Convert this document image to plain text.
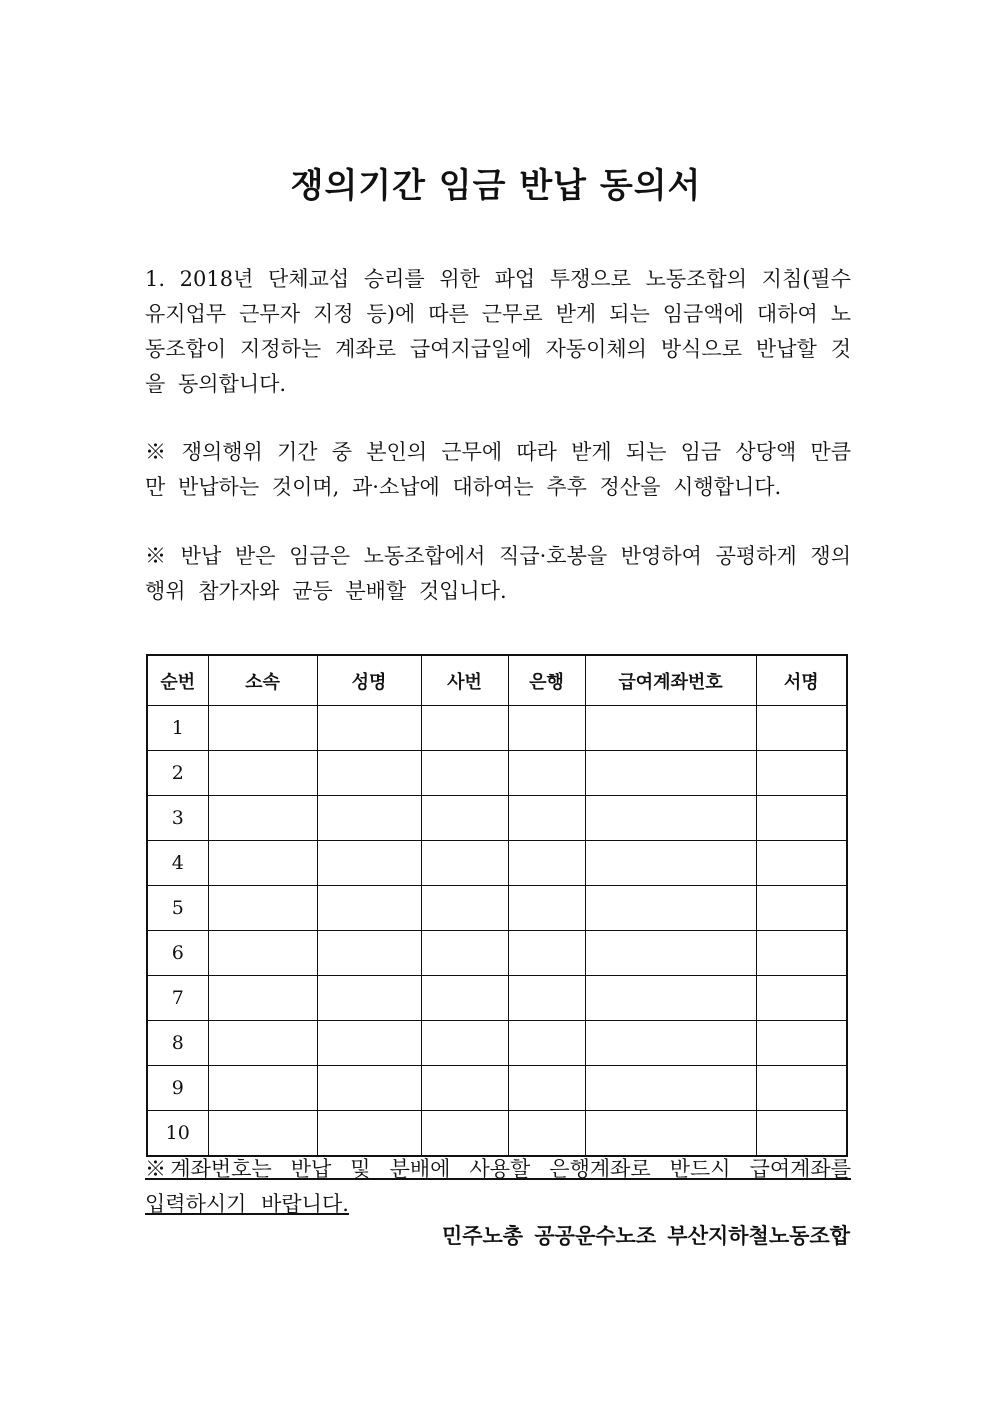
쟁의기간 임금 반납 동의서

1. 2018년 단체교섭 승리를 위한 파업 투쟁으로 노동조합의 지침(필수유지업무 근무자 지정 등)에 따른 근무로 받게 되는 임금액에 대하여 노동조합이 지정하는 계좌로 급여지급일에 자동이체의 방식으로 반납할 것을 동의합니다.

※ 쟁의행위 기간 중 본인의 근무에 따라 받게 되는 임금 상당액 만큼만 반납하는 것이며, 과·소납에 대하여는 추후 정산을 시행합니다.

※ 반납 받은 임금은 노동조합에서 직급·호봉을 반영하여 공평하게 쟁의행위 참가자와 균등 분배할 것입니다.

순번	소속	성명	사번	은행	급여계좌번호	서명
1						
2						
3						
4						
5						
6						
7						
8						
9						
10						

※계좌번호는 반납 및 분배에 사용할 은행계좌로 반드시 급여계좌를 입력하시기 바랍니다.

민주노총 공공운수노조 부산지하철노동조합
